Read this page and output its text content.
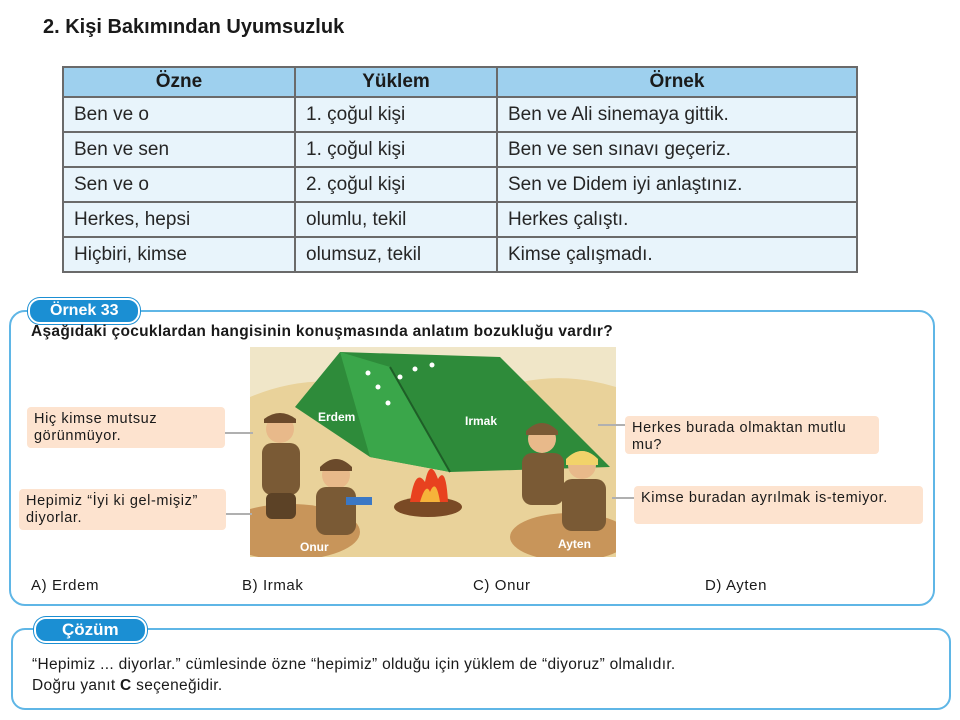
2. Kişi Bakımından Uyumsuzluk
Özne	Yüklem	Örnek
Ben ve o	1. çoğul kişi	Ben ve Ali sinemaya gittik.
Ben ve sen	1. çoğul kişi	Ben ve sen sınavı geçeriz.
Sen ve o	2. çoğul kişi	Sen ve Didem iyi anlaştınız.
Herkes, hepsi	olumlu, tekil	Herkes çalıştı.
Hiçbiri, kimse	olumsuz, tekil	Kimse çalışmadı.
Örnek 33
Aşağıdaki çocuklardan hangisinin konuşmasında anlatım bozukluğu vardır?
Erdem	Irmak
Onur	Ayten
Hiç kimse mutsuz görünmüyor.
Hepimiz “İyi ki gel-mişiz” diyorlar.
Herkes burada olmaktan mutlu mu?
Kimse buradan ayrılmak is-temiyor.
A) Erdem	B) Irmak	C) Onur	D) Ayten
Çözüm
“Hepimiz ... diyorlar.” cümlesinde özne “hepimiz” olduğu için yüklem de “diyoruz” olmalıdır.
Doğru yanıt C seçeneğidir.
